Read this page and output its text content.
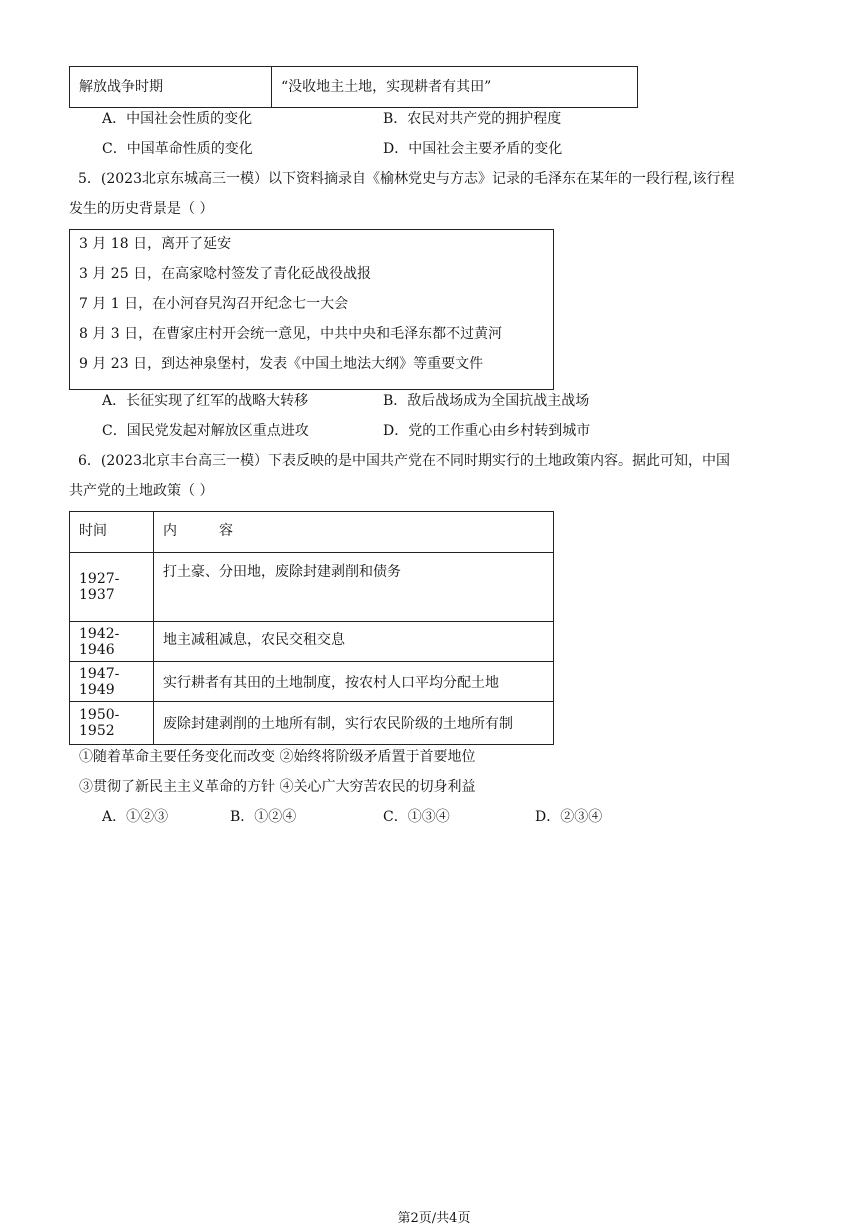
解放战争时期	“没收地主土地，实现耕者有其田”
A．中国社会性质的变化	B．农民对共产党的拥护程度
C．中国革命性质的变化	D．中国社会主要矛盾的变化
5．(2023北京东城高三一模）以下资料摘录自《榆林党史与方志》记录的毛泽东在某年的一段行程,该行程
发生的历史背景是（ ）
3 月 18 日，离开了延安
3 月 25 日，在高家唸村签发了青化砭战役战报
7 月 1 日，在小河昚旯沟召开纪念七一大会
8 月 3 日，在曹家庄村开会统一意见，中共中央和毛泽东都不过黄河
9 月 23 日，到达神泉堡村，发表《中国土地法大纲》等重要文件
A．长征实现了红军的战略大转移	B．敌后战场成为全国抗战主战场
C．国民党发起对解放区重点进攻	D．党的工作重心由乡村转到城市
6．(2023北京丰台高三一模）下表反映的是中国共产党在不同时期实行的土地政策内容。据此可知，中国
共产党的土地政策（ ）
时间	内　　　容
1927-1937	打土豪、分田地，废除封建剥削和债务
1942-1946	地主减租减息，农民交租交息
1947-1949	实行耕者有其田的土地制度，按农村人口平均分配土地
1950-1952	废除封建剥削的土地所有制，实行农民阶级的土地所有制
①随着革命主要任务变化而改变 ②始终将阶级矛盾置于首要地位
③贯彻了新民主主义革命的方针 ④关心广大穷苦农民的切身利益
A．①②③	B．①②④	C．①③④	D．②③④
第2页/共4页
